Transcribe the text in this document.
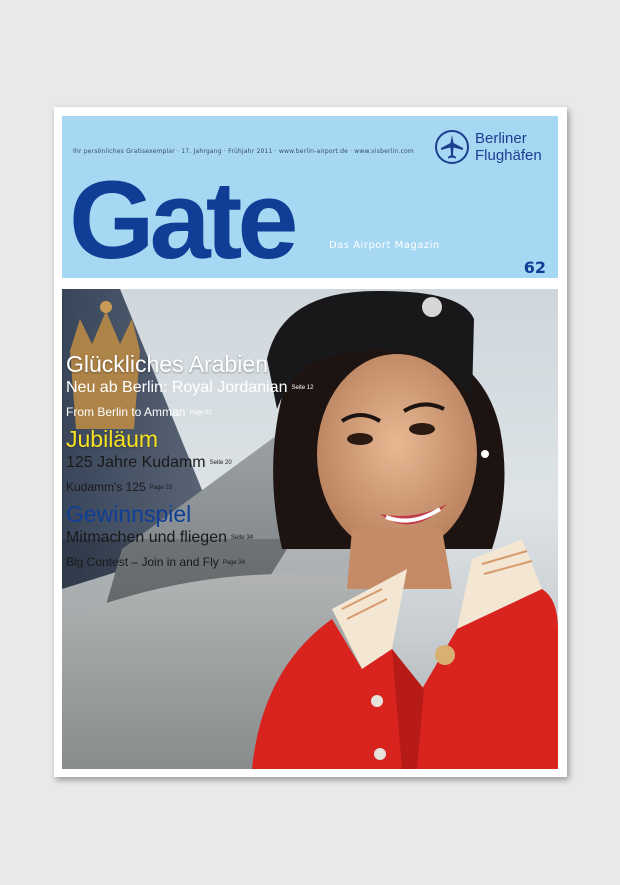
Ihr persönliches Gratisexemplar · 17. Jahrgang · Frühjahr 2011 · www.berlin-airport.de · www.visberlin.com
Berliner
Flughäfen
Gate	Das Airport Magazin
62
Glückliches Arabien
Neu ab Berlin: Royal Jordanian Seite 12
From Berlin to Amman Page 32
Jubiläum
125 Jahre Kudamm Seite 20
Kudamm's 125 Page 33
Gewinnspiel
Mitmachen und fliegen Seite 34
Big Contest – Join in and Fly Page 34
